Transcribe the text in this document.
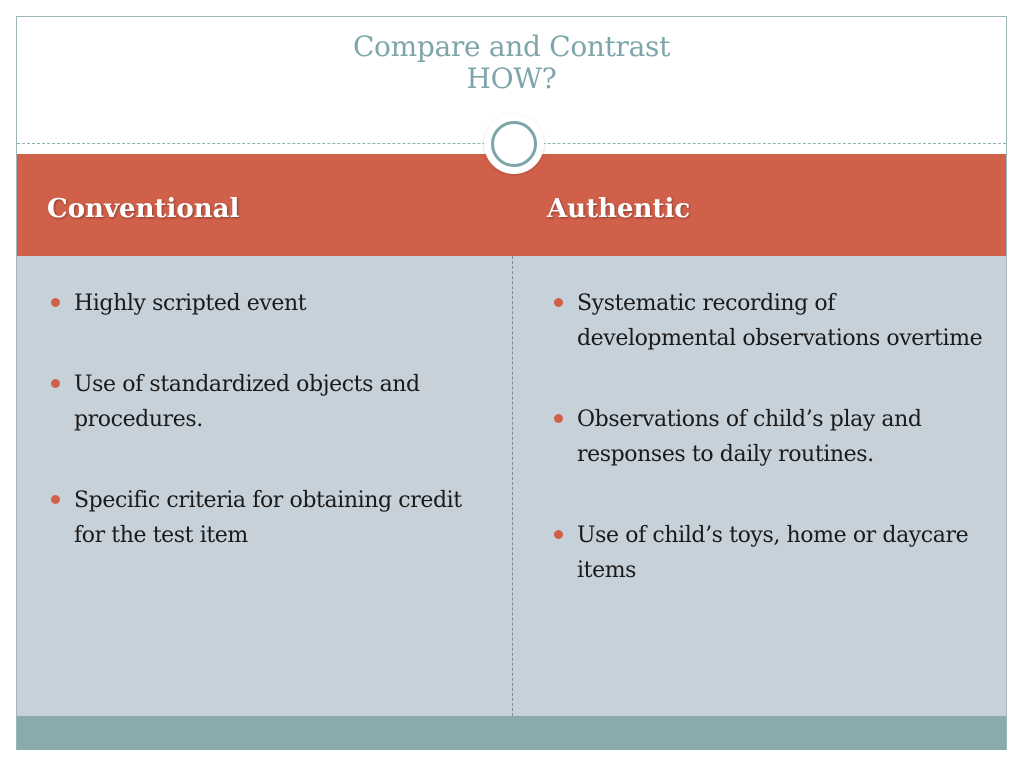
Compare and Contrast
HOW?
Conventional	Authentic
Highly scripted event
Use of standardized objects and procedures.
Specific criteria for obtaining credit for the test item
Systematic recording of developmental observations overtime
Observations of child’s play and responses to daily routines.
Use of child’s toys, home or daycare items
